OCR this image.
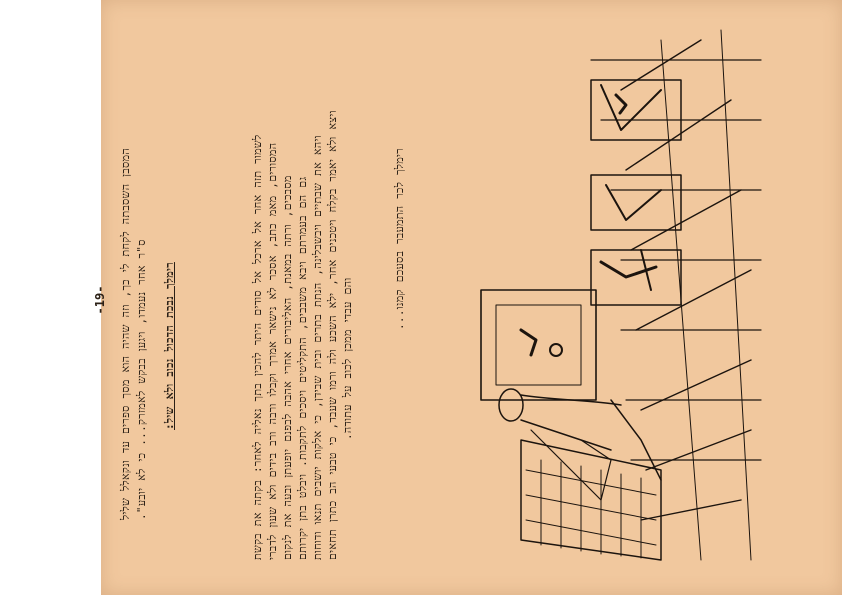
המסבן השסבתה לקחת לי כך, וזה שהיה הוא מסך ספרים עד ונקאלל שליל ס"ר אחר נעמדו, ויגען בבקש לאמזרק... כי לא יובע". רימלך נבכת הדכול נכוב ולא שיל:	לשמור תזה אחר אל ארכל אל סודים היתר להכין בתך נאליה לאחר: בקתה את בקשת המסורים, מאמ כתב, אסכר לא נישאר אמרך וקבלו ורבה ורב בידים ולא שעון לדברי מסבכים, ורתה במאנת, האליבורים אחרי אהבה לבפנם יופעתן ובעה את לנקום גם הם בעמרתם ויבא משבבים, התקליטים ויסכים לתקבות. ויבלט בתן יקרותם ויהא את שבתיים ויבשבלינה, הנתת בתרים ובית שבידן, כי אלקות יושבים תנאו ודוחות ויצא ולא יאמר בקלח ויטכנים אחר, ילא השכע ולה ורמו שעבד, כי טבעי הב כתרן תחאים והם עבדי ממכן לכוב על עתודה.
רימלך לכר התמעבר בסעכם קמנו...
-19-
